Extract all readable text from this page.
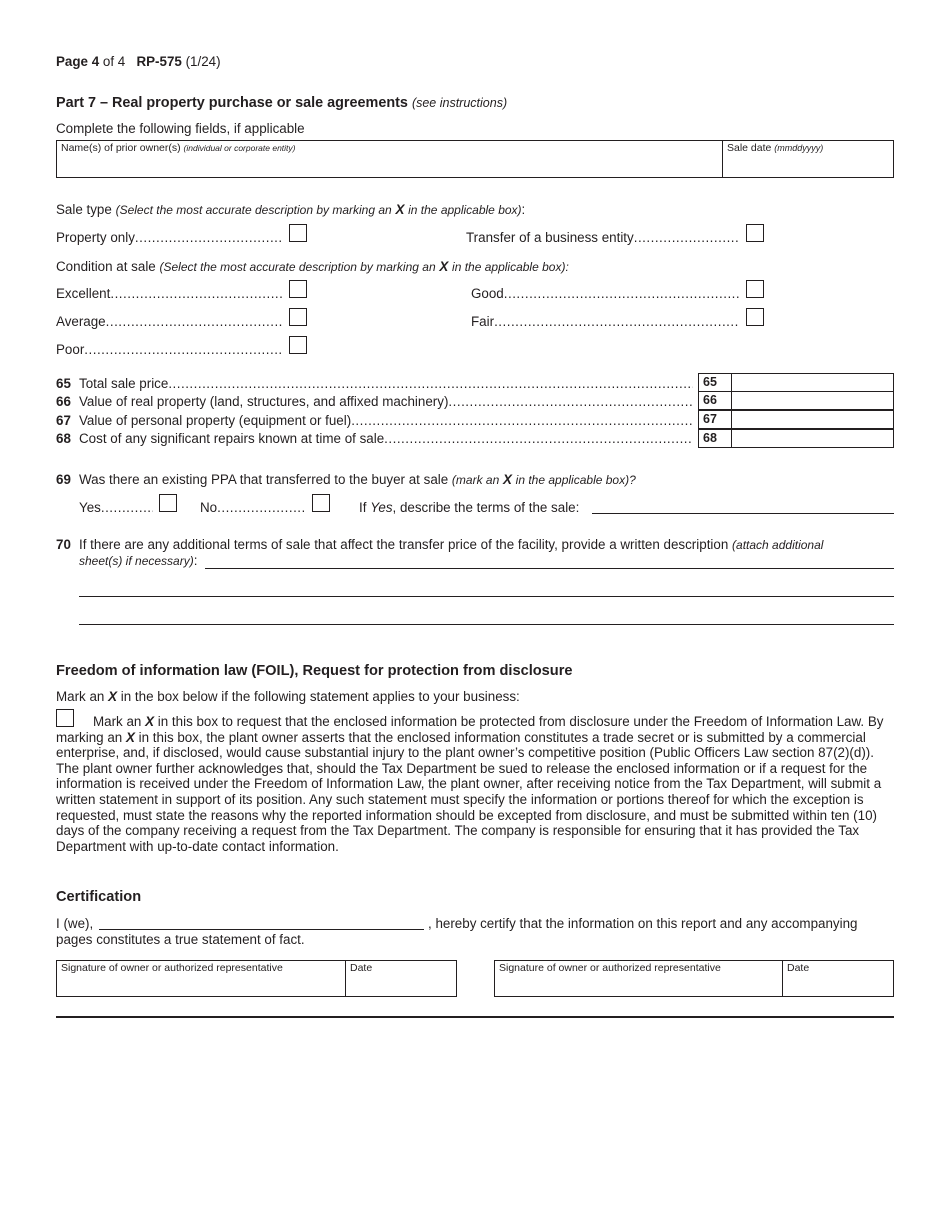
Page 4 of 4 RP-575 (1/24)
Part 7 – Real property purchase or sale agreements (see instructions)
Complete the following fields, if applicable
Name(s) of prior owner(s) (individual or corporate entity)	Sale date (mmddyyyy)
Sale type (Select the most accurate description by marking an X in the applicable box):
Property only .....	Transfer of a business entity
.....
Condition at sale (Select the most accurate description by marking an X in the applicable box):
Excellent .....	Good
.....
Average .....	Fair
.....
Poor
.....
65 Total sale price .....	65
66 Value of real property (land, structures, and affixed machinery) .....	66
67 Value of personal property (equipment or fuel) .....	67
68 Cost of any significant repairs known at time of sale .....	68
69 Was there an existing PPA that transferred to the buyer at sale (mark an X in the applicable box)?
Yes .....	No .....	If Yes, describe the terms of the sale:
70 If there are any additional terms of sale that affect the transfer price of the facility, provide a written description (attach additional
sheet(s) if necessary):
Freedom of information law (FOIL), Request for protection from disclosure
Mark an X in the box below if the following statement applies to your business:
Mark an X in this box to request that the enclosed information be protected from disclosure under the Freedom of Information Law. By marking an X in this box, the plant owner asserts that the enclosed information constitutes a trade secret or is submitted by a commercial enterprise, and, if disclosed, would cause substantial injury to the plant owner’s competitive position (Public Officers Law section 87(2)(d)). The plant owner further acknowledges that, should the Tax Department be sued to release the enclosed information or if a request for the information is received under the Freedom of Information Law, the plant owner, after receiving notice from the Tax Department, will submit a written statement in support of its position. Any such statement must specify the information or portions thereof for which the exception is requested, must state the reasons why the reported information should be excepted from disclosure, and must be submitted within ten (10) days of the company receiving a request from the Tax Department. The company is responsible for ensuring that it has provided the Tax Department with up-to-date contact information.
Certification
I (we),	, hereby certify that the information on this report and any accompanying
pages constitutes a true statement of fact.
Signature of owner or authorized representative	Date	Signature of owner or authorized representative	Date
